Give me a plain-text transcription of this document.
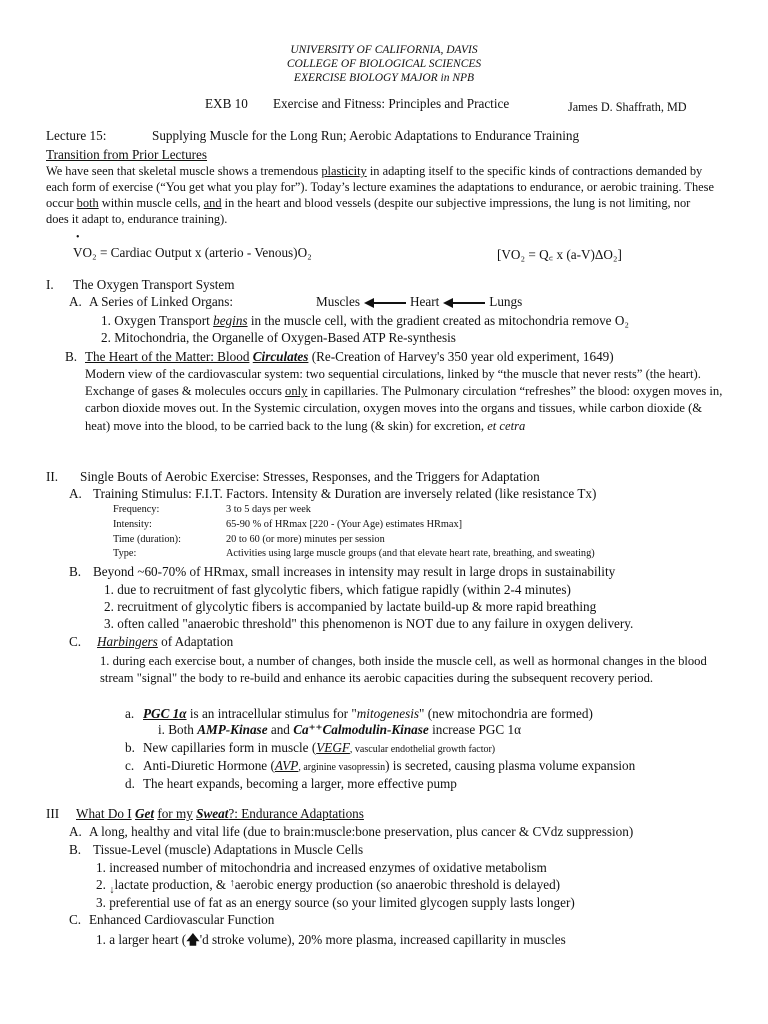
UNIVERSITY OF CALIFORNIA, DAVIS
COLLEGE OF BIOLOGICAL SCIENCES
EXERCISE BIOLOGY MAJOR in NPB
EXB 10 Exercise and Fitness: Principles and Practice	James D. Shaffrath, MD
Lecture 15:	Supplying Muscle for the Long Run; Aerobic Adaptations to Endurance Training
Transition from Prior Lectures
We have seen that skeletal muscle shows a tremendous plasticity in adapting itself to the specific kinds of contractions demanded by each form of exercise (“You get what you play for”). Today’s lecture examines the adaptations to endurance, or aerobic training. These occur both within muscle cells, and in the heart and blood vessels (despite our subjective impressions, the lung is not limiting, nor does it adapt to, endurance training).
•
VO₂ = Cardiac Output x (arterio - Venous)O₂	[VO₂ = Q꜀ x (a-V)ΔO₂]
I. The Oxygen Transport System
A. A Series of Linked Organs:	Muscles	Heart	Lungs
1. Oxygen Transport begins in the muscle cell, with the gradient created as mitochondria remove O₂
2. Mitochondria, the Organelle of Oxygen-Based ATP Re-synthesis
B. The Heart of the Matter: Blood Circulates (Re-Creation of Harvey's 350 year old experiment, 1649)
Modern view of the cardiovascular system: two sequential circulations, linked by “the muscle that never rests” (the heart). Exchange of gases & molecules occurs only in capillaries. The Pulmonary circulation “refreshes” the blood: oxygen moves in, carbon dioxide moves out. In the Systemic circulation, oxygen moves into the organs and tissues, while carbon dioxide (& heat) move into the blood, to be carried back to the lung (& skin) for excretion, et cetra
II. Single Bouts of Aerobic Exercise: Stresses, Responses, and the Triggers for Adaptation
A. Training Stimulus: F.I.T. Factors. Intensity & Duration are inversely related (like resistance Tx)
Frequency:	3 to 5 days per week
Intensity:	65-90 % of HRmax [220 - (Your Age) estimates HRmax]
Time (duration):	20 to 60 (or more) minutes per session
Type:	Activities using large muscle groups (and that elevate heart rate, breathing, and sweating)
B. Beyond ~60-70% of HRmax, small increases in intensity may result in large drops in sustainability
1. due to recruitment of fast glycolytic fibers, which fatigue rapidly (within 2-4 minutes)
2. recruitment of glycolytic fibers is accompanied by lactate build-up & more rapid breathing
3. often called "anaerobic threshold" this phenomenon is NOT due to any failure in oxygen delivery.
C. Harbingers of Adaptation
1. during each exercise bout, a number of changes, both inside the muscle cell, as well as hormonal changes in the blood stream "signal" the body to re-build and enhance its aerobic capacities during the subsequent recovery period.
a. PGC 1α is an intracellular stimulus for "mitogenesis" (new mitochondria are formed)
i. Both AMP-Kinase and Ca⁺⁺Calmodulin-Kinase increase PGC 1α
b. New capillaries form in muscle (VEGF, vascular endothelial growth factor)
c. Anti-Diuretic Hormone (AVP, arginine vasopressin) is secreted, causing plasma volume expansion
d. The heart expands, becoming a larger, more effective pump
III What Do I Get for my Sweat?: Endurance Adaptations
A. A long, healthy and vital life (due to brain:muscle:bone preservation, plus cancer & CVdz suppression)
B. Tissue-Level (muscle) Adaptations in Muscle Cells
1. increased number of mitochondria and increased enzymes of oxidative metabolism
2. $_↓$lactate production, & ↑aerobic energy production (so anaerobic threshold is delayed)
3. preferential use of fat as an energy source (so your limited glycogen supply lasts longer)
C. Enhanced Cardiovascular Function
1. a larger heart (🡅'd stroke volume), 20% more plasma, increased capillarity in muscles
